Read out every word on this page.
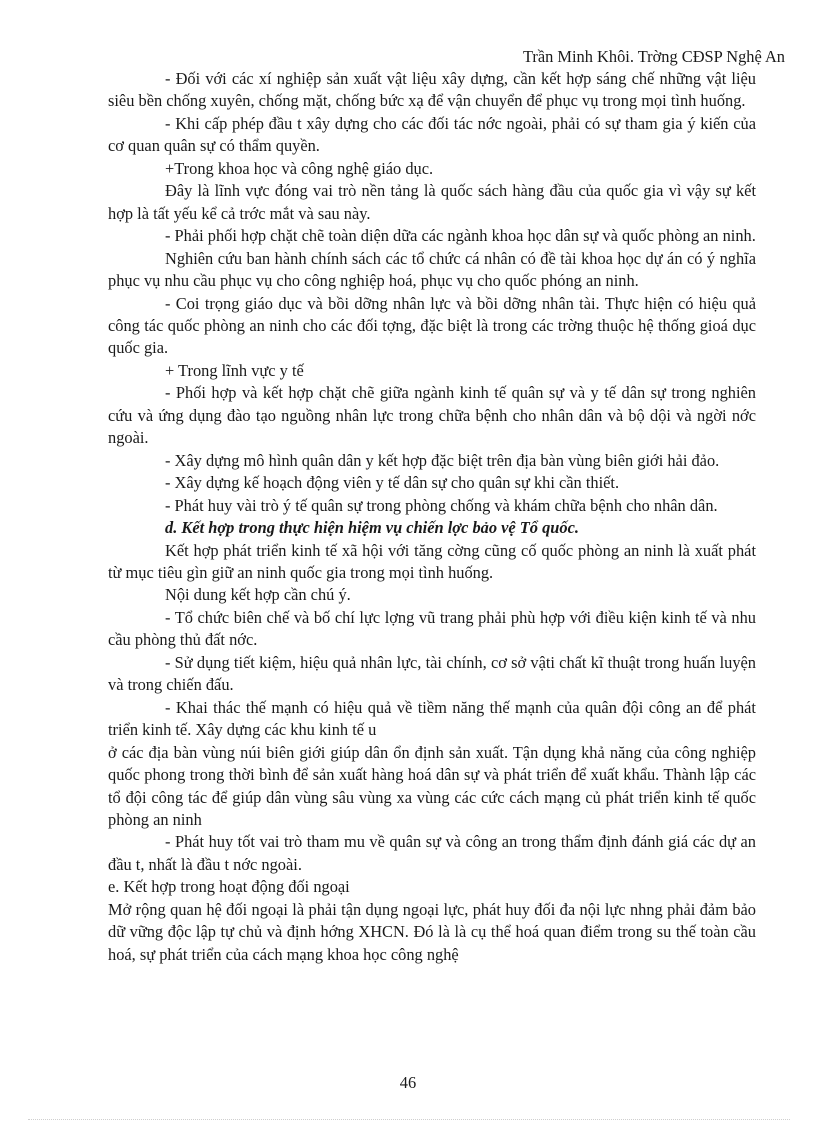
Trần Minh Khôi. Trờng CĐSP Nghệ An

- Đối với các xí nghiệp sản xuất vật liệu xây dựng, cần kết hợp sáng chế những vật liệu siêu bền chống xuyên, chống mặt, chống bức xạ để vận chuyển để phục vụ trong mọi tình huống.

- Khi cấp phép đầu t xây dựng cho các đối tác nớc ngoài, phải có sự tham gia ý kiến của cơ quan quân sự có thẩm quyền.

+Trong khoa học và công nghệ giáo dục.

Đây là lĩnh vực đóng vai trò nền tảng là quốc sách hàng đầu của quốc gia vì vậy sự kết hợp là tất yếu kể cả trớc mắt và sau này.

- Phải phối hợp chặt chẽ toàn diện dữa các ngành khoa học dân sự và quốc phòng an ninh.

Nghiên cứu ban hành chính sách các tổ chức cá nhân có đề tài khoa học dự án có ý nghĩa phục vụ nhu cầu phục vụ cho công nghiệp hoá, phục vụ cho quốc phóng an ninh.

- Coi trọng giáo dục và bồi dỡng nhân lực và bồi dỡng nhân tài. Thực hiện có hiệu quả công tác quốc phòng an ninh cho các đối tợng, đặc biệt là trong các trờng thuộc hệ thống gioá dục quốc gia.

+ Trong lĩnh vực y tế

- Phối hợp và kết hợp chặt chẽ giữa ngành kinh tế quân sự và y tế dân sự trong nghiên cứu và ứng dụng đào tạo nguồng nhân lực trong chữa bệnh cho nhân dân và bộ dội và ngời nớc ngoài.

- Xây dựng mô hình quân dân y kết hợp đặc biệt trên địa bàn vùng biên giới hải đảo.

- Xây dựng kế hoạch động viên y tế dân sự cho quân sự khi cần thiết.

- Phát huy vài trò ý tế quân sự trong phòng chống và khám chữa bệnh cho nhân dân.

d. Kết hợp trong thực hiện hiệm vụ chiến lợc bảo vệ Tổ quốc.

Kết hợp phát triển kinh tế xã hội với tăng cờng cũng cố quốc phòng an ninh là xuất phát từ mục tiêu gìn giữ an ninh quốc gia trong mọi tình huống.

Nội dung kết hợp cần chú ý.

- Tổ chức biên chế và bố chí lực lợng vũ trang phải phù hợp với điều kiện kinh tế và nhu cầu phòng thủ đất nớc.

- Sử dụng tiết kiệm, hiệu quả nhân lực, tài chính, cơ sở vậti chất kĩ thuật trong huấn luyện và trong chiến đấu.

- Khai thác thế mạnh có hiệu quả về tiềm năng thế mạnh của quân đội công an để phát triển kinh tế. Xây dựng các khu kinh tế u

ở các địa bàn vùng núi biên giới giúp dân ổn định sản xuất. Tận dụng khả năng của công nghiệp quốc phong trong thời bình để sản xuất hàng hoá dân sự và phát triển để xuất khẩu. Thành lập các tổ đội công tác để giúp dân vùng sâu vùng xa vùng các cức cách mạng củ phát triển kinh tế quốc phòng an ninh

- Phát huy tốt vai trò tham mu về quân sự và công an trong thẩm định đánh giá các dự an đầu t, nhất là đầu t nớc ngoài.

e. Kết hợp trong hoạt động đối ngoại

Mở rộng quan hệ đối ngoại là phải tận dụng ngoại lực, phát huy đối đa nội lực nhng phải đảm bảo dữ vững độc lập tự chủ và định hớng XHCN. Đó là là cụ thể hoá quan điểm trong su thế toàn cầu hoá, sự phát triển của cách mạng khoa học công nghệ

46
